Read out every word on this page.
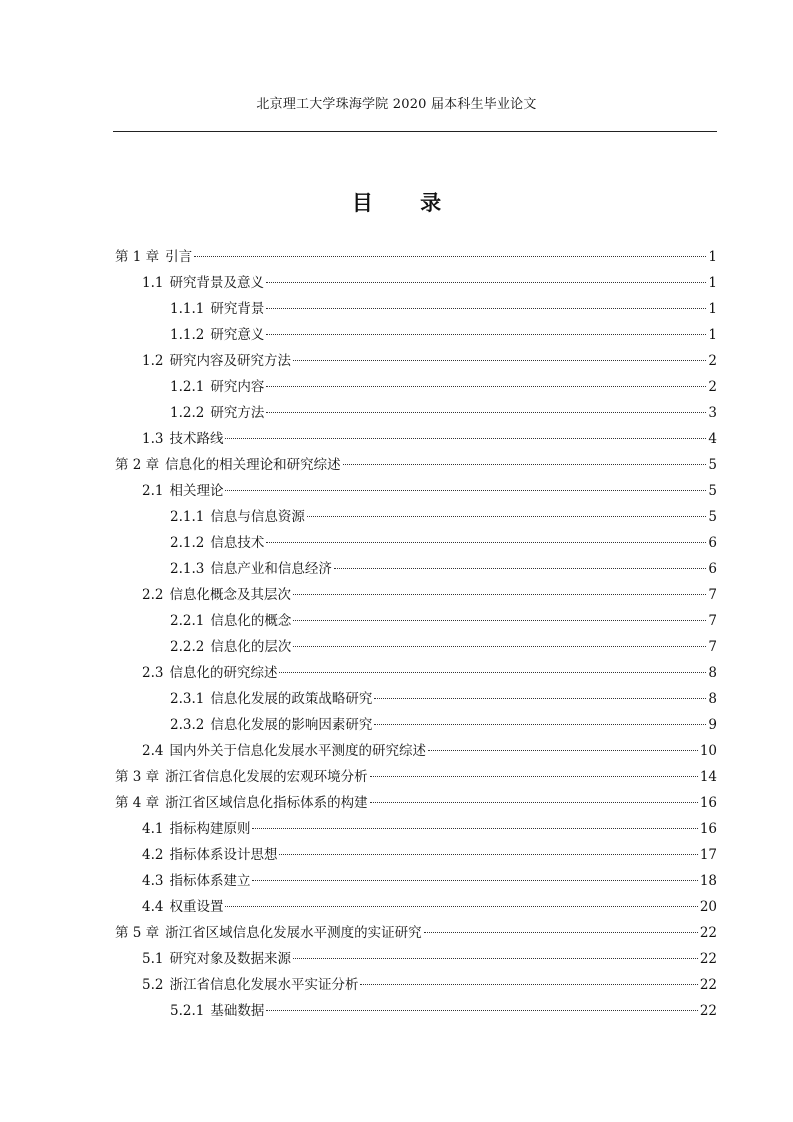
北京理工大学珠海学院 2020 届本科生毕业论文
目 录
第 1 章 引言	1
1.1 研究背景及意义	1
1.1.1 研究背景	1
1.1.2 研究意义	1
1.2 研究内容及研究方法	2
1.2.1 研究内容	2
1.2.2 研究方法	3
1.3 技术路线	4
第 2 章 信息化的相关理论和研究综述	5
2.1 相关理论	5
2.1.1 信息与信息资源	5
2.1.2 信息技术	6
2.1.3 信息产业和信息经济	6
2.2 信息化概念及其层次	7
2.2.1 信息化的概念	7
2.2.2 信息化的层次	7
2.3 信息化的研究综述	8
2.3.1 信息化发展的政策战略研究	8
2.3.2 信息化发展的影响因素研究	9
2.4 国内外关于信息化发展水平测度的研究综述	10
第 3 章 浙江省信息化发展的宏观环境分析	14
第 4 章 浙江省区域信息化指标体系的构建	16
4.1 指标构建原则	16
4.2 指标体系设计思想	17
4.3 指标体系建立	18
4.4 权重设置	20
第 5 章 浙江省区域信息化发展水平测度的实证研究	22
5.1 研究对象及数据来源	22
5.2 浙江省信息化发展水平实证分析	22
5.2.1 基础数据	22
